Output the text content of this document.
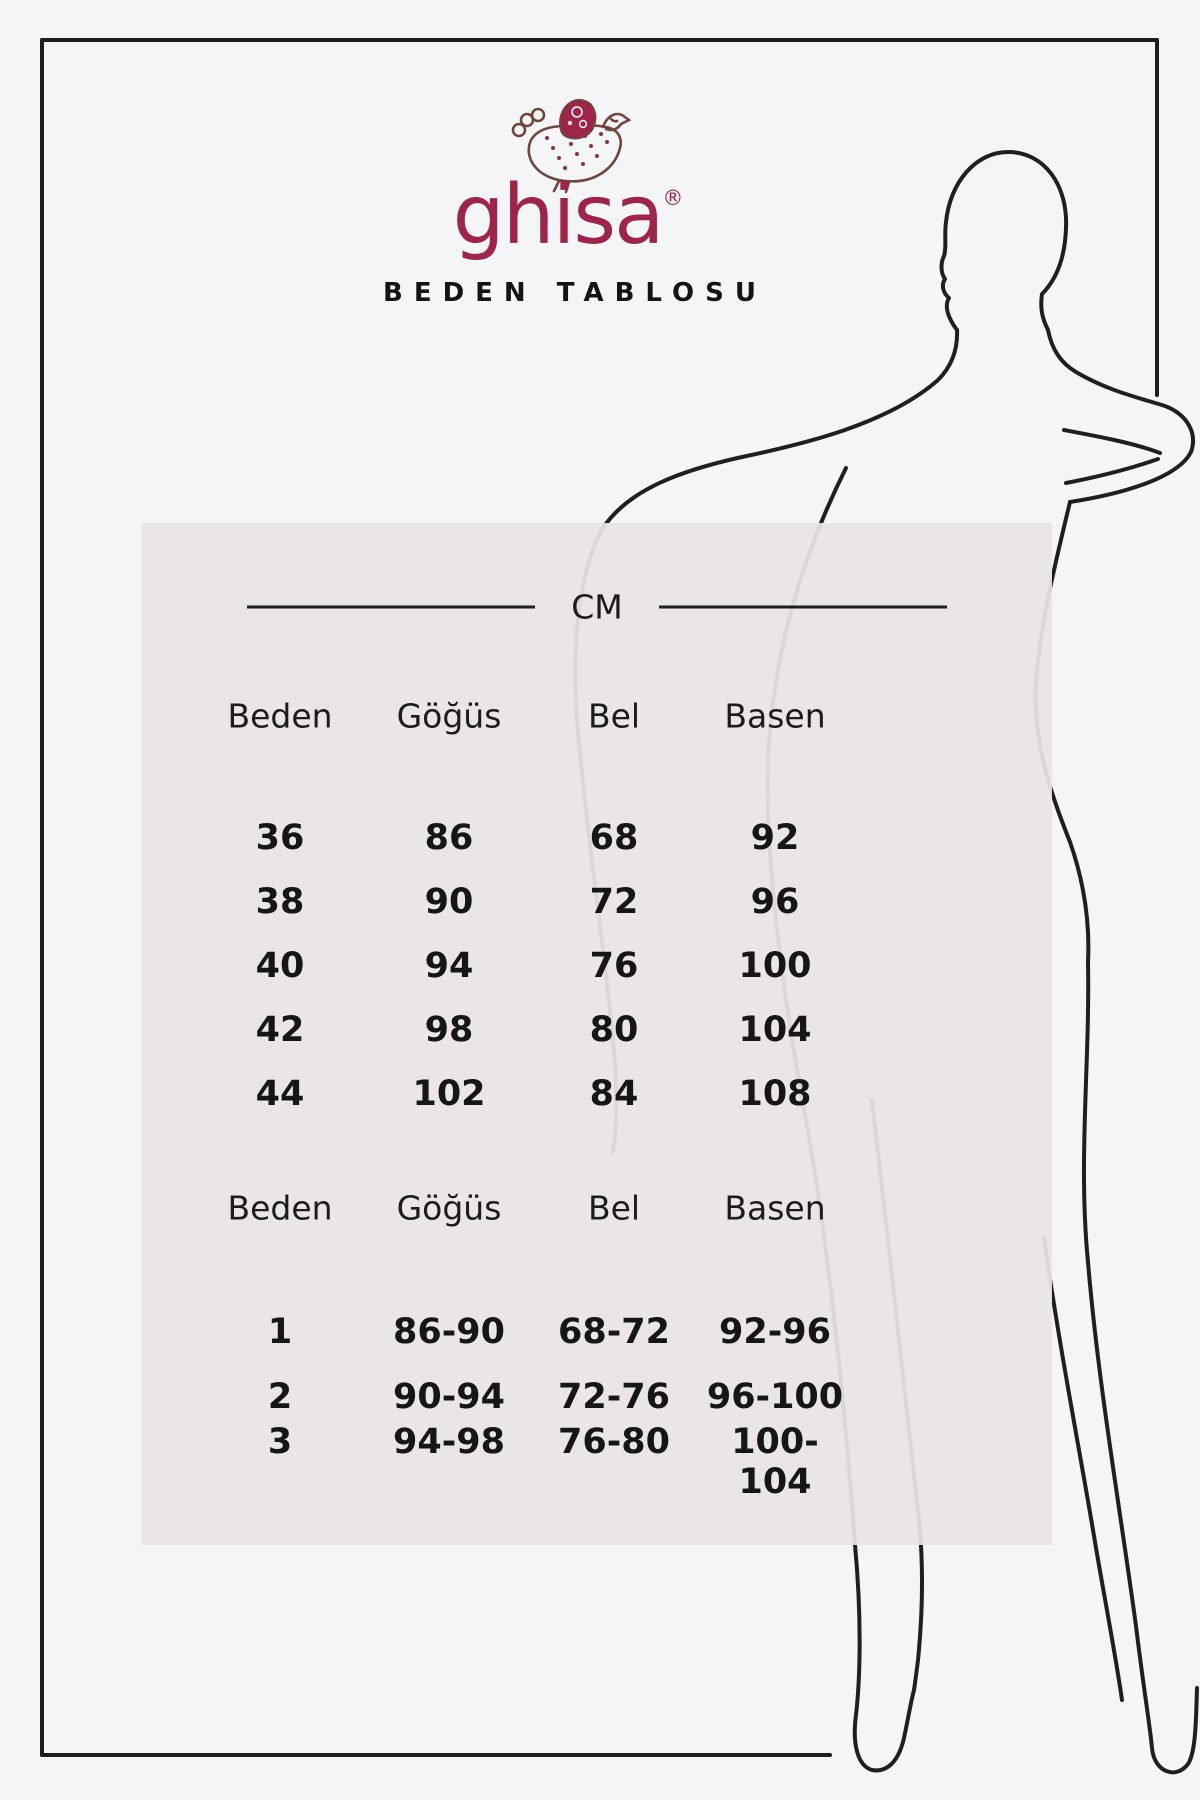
ghisa®
BEDEN TABLOSU
CM
Beden	Göğüs	Bel	Basen
36	86	68	92
38	90	72	96
40	94	76	100
42	98	80	104
44	102	84	108
Beden	Göğüs	Bel	Basen
1	86-90	68-72	92-96
2	90-94	72-76	96-100
3	94-98	76-80	100-104
